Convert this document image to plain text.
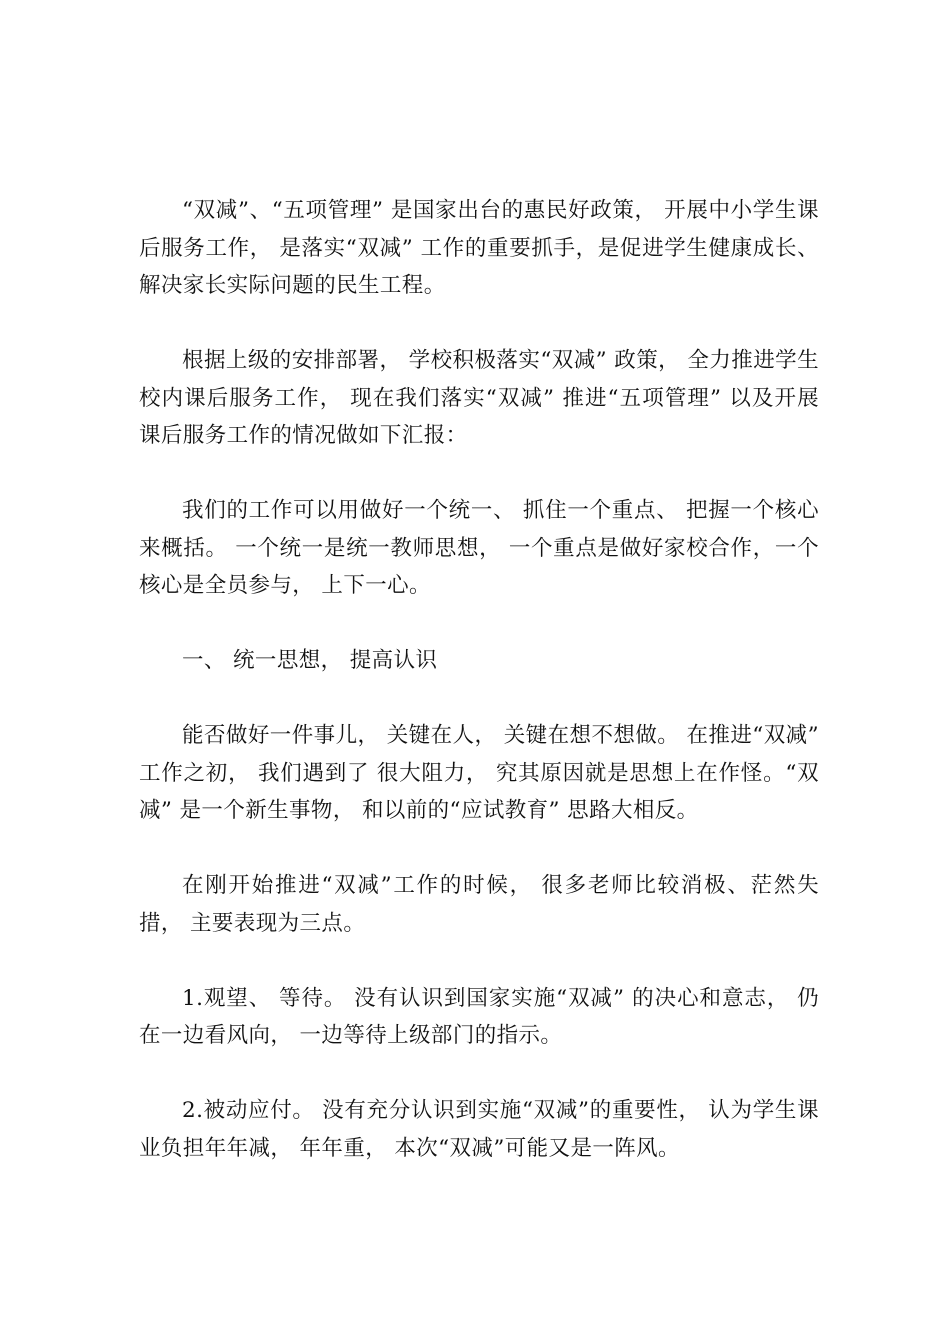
“双减”、“五项管理” 是国家出台的惠民好政策， 开展中小学生课后服务工作， 是落实“双减” 工作的重要抓手，是促进学生健康成长、 解决家长实际问题的民生工程。

根据上级的安排部署， 学校积极落实“双减” 政策， 全力推进学生校内课后服务工作， 现在我们落实“双减” 推进“五项管理” 以及开展课后服务工作的情况做如下汇报：

我们的工作可以用做好一个统一、 抓住一个重点、 把握一个核心来概括。 一个统一是统一教师思想， 一个重点是做好家校合作，一个核心是全员参与， 上下一心。

一、 统一思想， 提高认识

能否做好一件事儿， 关键在人， 关键在想不想做。 在推进“双减” 工作之初， 我们遇到了 很大阻力， 究其原因就是思想上在作怪。“双减” 是一个新生事物， 和以前的“应试教育” 思路大相反。

在刚开始推进“双减”工作的时候， 很多老师比较消极、茫然失措， 主要表现为三点。

1.观望、 等待。 没有认识到国家实施“双减” 的决心和意志， 仍在一边看风向， 一边等待上级部门的指示。

2.被动应付。 没有充分认识到实施“双减”的重要性， 认为学生课业负担年年减， 年年重， 本次“双减”可能又是一阵风。
